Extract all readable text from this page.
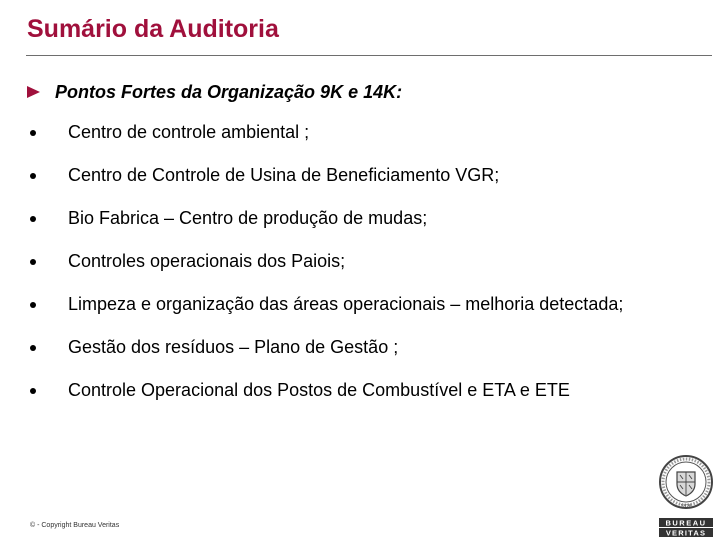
Sumário da Auditoria
Pontos Fortes da Organização 9K e 14K:
Centro de controle ambiental ;
Centro de Controle de Usina de Beneficiamento VGR;
Bio Fabrica – Centro de produção de mudas;
Controles operacionais dos Paiois;
Limpeza e organização das áreas operacionais – melhoria detectada;
Gestão dos resíduos – Plano de Gestão ;
Controle Operacional dos Postos de Combustível e ETA e ETE
© - Copyright Bureau Veritas
1828
BUREAU
VERITAS
